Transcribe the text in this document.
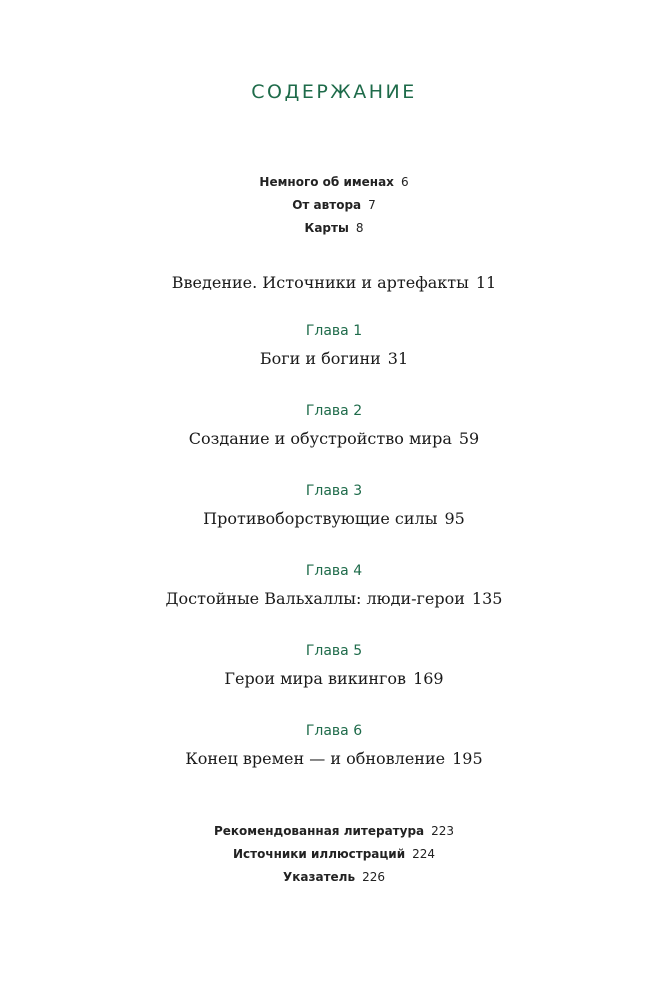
СОДЕРЖАНИЕ
Немного об именах 6
От автора 7
Карты 8
Введение. Источники и артефакты 11
Глава 1
Боги и богини 31
Глава 2
Создание и обустройство мира 59
Глава 3
Противоборствующие силы 95
Глава 4
Достойные Вальхаллы: люди-герои 135
Глава 5
Герои мира викингов 169
Глава 6
Конец времен — и обновление 195
Рекомендованная литература 223
Источники иллюстраций 224
Указатель 226
